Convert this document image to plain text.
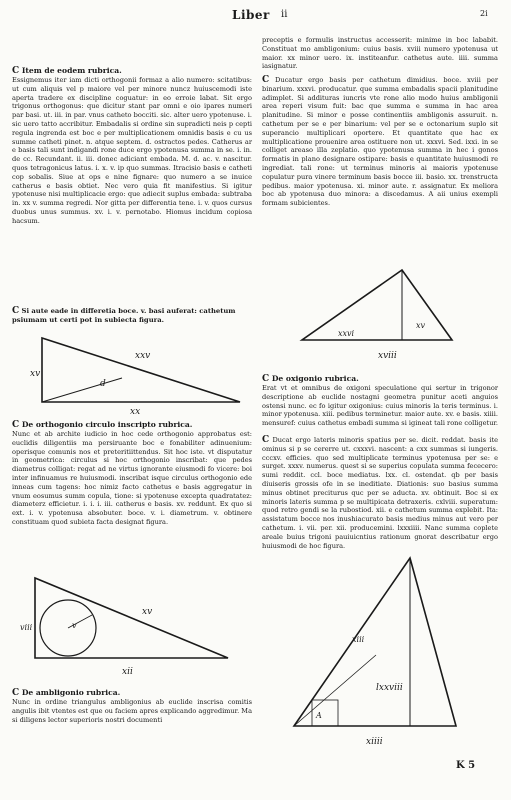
Liber ii	2i

C Item de eodem rubrica.

Essignemus iter iam dicti orthogonii formaz a alio numero: scitatibus: ut cum aliquis vel p maiore vel per minore nuncz huiuscemodi iste aperta tradere ex discipline coguatur: in eo erroie labat. Sit ergo trigonus orthogonus: que dicitur stant par omni e oio ipares numeri par basi. ut. iii. in par. vnus catheto bocciti. sic. alter uero ypotenuse. i. sic uero tatto accribitur. Embadalis si ordine sin supradicti neis p cepti regula ingrenda est boc e per multiplicationem omnidis basis e cu us summe catheti pinet. n. atque septem. d. ostractos pedes. Catherus ar e basis tali sunt indigandi rone duce ergo ypotenusa summa in se. i. in. de cc. Recundant. ii. iii. donec adiciant embada. M. d. ac. v. nascitur. quos tetragonicus latus. i. x. v. ip quo summas. Itracisio basis e catheti cop sobalis. Siue at ops e nine fignare: quo numero a se inuice catherus e basis obtiet. Nec vero quia fit manifestius. Si igitur ypotenuse nisi multiplicacie ergo: que adiecit suplus embada: subtraba in. xx v. summa regredi. Nor gitta per differentia tene. i. v. quos cursus duobus unus summus. xv. i. v. pernotabo. Hiomus incidum copiosa hacsum.

C Si aute eade in differetia boce. v. basi auferat: cathetum psiumam ut certi pot in subiecta figura.

xxv
xv
d
xx

C De orthogonio circulo inscripto rubrica.

Nunc et ab archite iudicio in hoc cede orthogonio approbatus est: euclidis diligentiis ma persiruante boc e fonabiliter adinuenium: operisque comunis nos et preteritiittendus. Sit hoc iste. vt disputatur in geometrica: circulus si hoc orthogonio inscribat: que pedes diametrus colligat: regat ad ne virtus ignorante eiusmodi fo vicere: boi inter infinuamus re huiusmodi. inscribat isque circulus orthogonio ede inneas cum tagens: hoc nimiz facto cathetus e basis aggregatur in vnum eosumus summ copula, tione: si ypotenuse excepta quadratatez: diameterz efficietur. i. i. i. iii. catherus e basis. xv. reddunt. Ex quo si ext. i. v. ypotenusa absobuter. boce. v. i. diametrum. v. obtinere constituam quod subieta facta designat figura.

v
xv
viii
xii

C De ambligonio rubrica.

Nunc in ordine triangulus ambligonius ab euclide inscrisa comitis angulis ibit vtentes est que ou faciem apres explicando aggredimur. Ma si diligens lector superioris nostri documenti

preceptis e formulis instructus accesserit: minime in boc lababit. Constituat mo ambligonium: cuius basis. xviii numero ypotenusa ut maior. xx minor uero. ix. institeanfur. cathetus aute. iiii. summa iasignatur.

C Ducatur ergo basis per cathetum dimidius. boce. xviii per binarium. xxxvi. producatur. que summa embadalis spacii planitudine adimplet. Si addituras iuncris vte rone alio modo huius ambligonii area reperi visum fuit: bac que summa e summa in hac area planitudine. Si minor e posse continentiis ambligonis assuruit. n. cathetum per se e per binarium: vel per se e octonarium suplo sit superancio multiplicari oportere. Et quantitate que hac ex multiplicatione prouenire area ostituere non ut. xxxvi. Sed. ixxi. in se colliget areaso illa zeplatio. quo ypotenusa summa in hec i gonos formatis in plano designare ostipare: basis e quantitate huiusmodi re ingrediat. tali rone: ut terminus minoris ai maioris ypotenuse copulatur pura vinere terminum basis bocce iii. basio. xx. trenstructa pedibus. maior ypotenusa. xi. minor aute. r. assignatur. Ex meliora boc ab ypotenusa duo minora: a discedamus. A aii unius exempli formam subicientes.

xxvi
xv
xviii

C De oxigonio rubrica.

Erat vt et omnibus de oxigoni speculatione qui sertur in trigonor descriptione ab euclide nostagni geometra punitur aceti anguios ostensi nunc. ec fo igitur oxigonius: cuius minoris la teris terminus. i. minor ypotenusa. xiii. pedibus terminetur. maior aute. xv. e basis. xiiii. mensuref: cuius cathetus embadi summa si igineat tali rone colligetur.

C Ducat ergo lateris minoris spatius per se. dicit. reddat. basis ite ominus si p se cererre ut. cxxxvi. nascent: a cxx summas si iungeris. cccxv. efficies. quo sed multiplicate terminus ypotenusa per se: e surget. xxxv. numerus. quest si se superius copulata summa fececero: sumi reddit. ccl. boce mediatus. lxx. cl. ostendat. qb per basis diuiseris grossis ofe in se ineditiate. Diationis: suo basius summa minus obtinet preciturus quc per se aducta. xv. obtinuit. Boc si ex minoris lateris summa p se multipicata detraxeris. cxlviii. superatum: quod retro gendi se la rubostiod. xii. e cathetum summa explebit. Ita: assistatum bocce nos inushiacurato basis medius minus aut vero per cathetum. i. vii. per. xii. producemini. lxxxiiii. Nanc summa coplete areale buius trigoni pauiuicntius rationum gnorat describatur ergo huiusmodi de hoc figura.

A
xiii
lxxviii
xiiii
K 5
